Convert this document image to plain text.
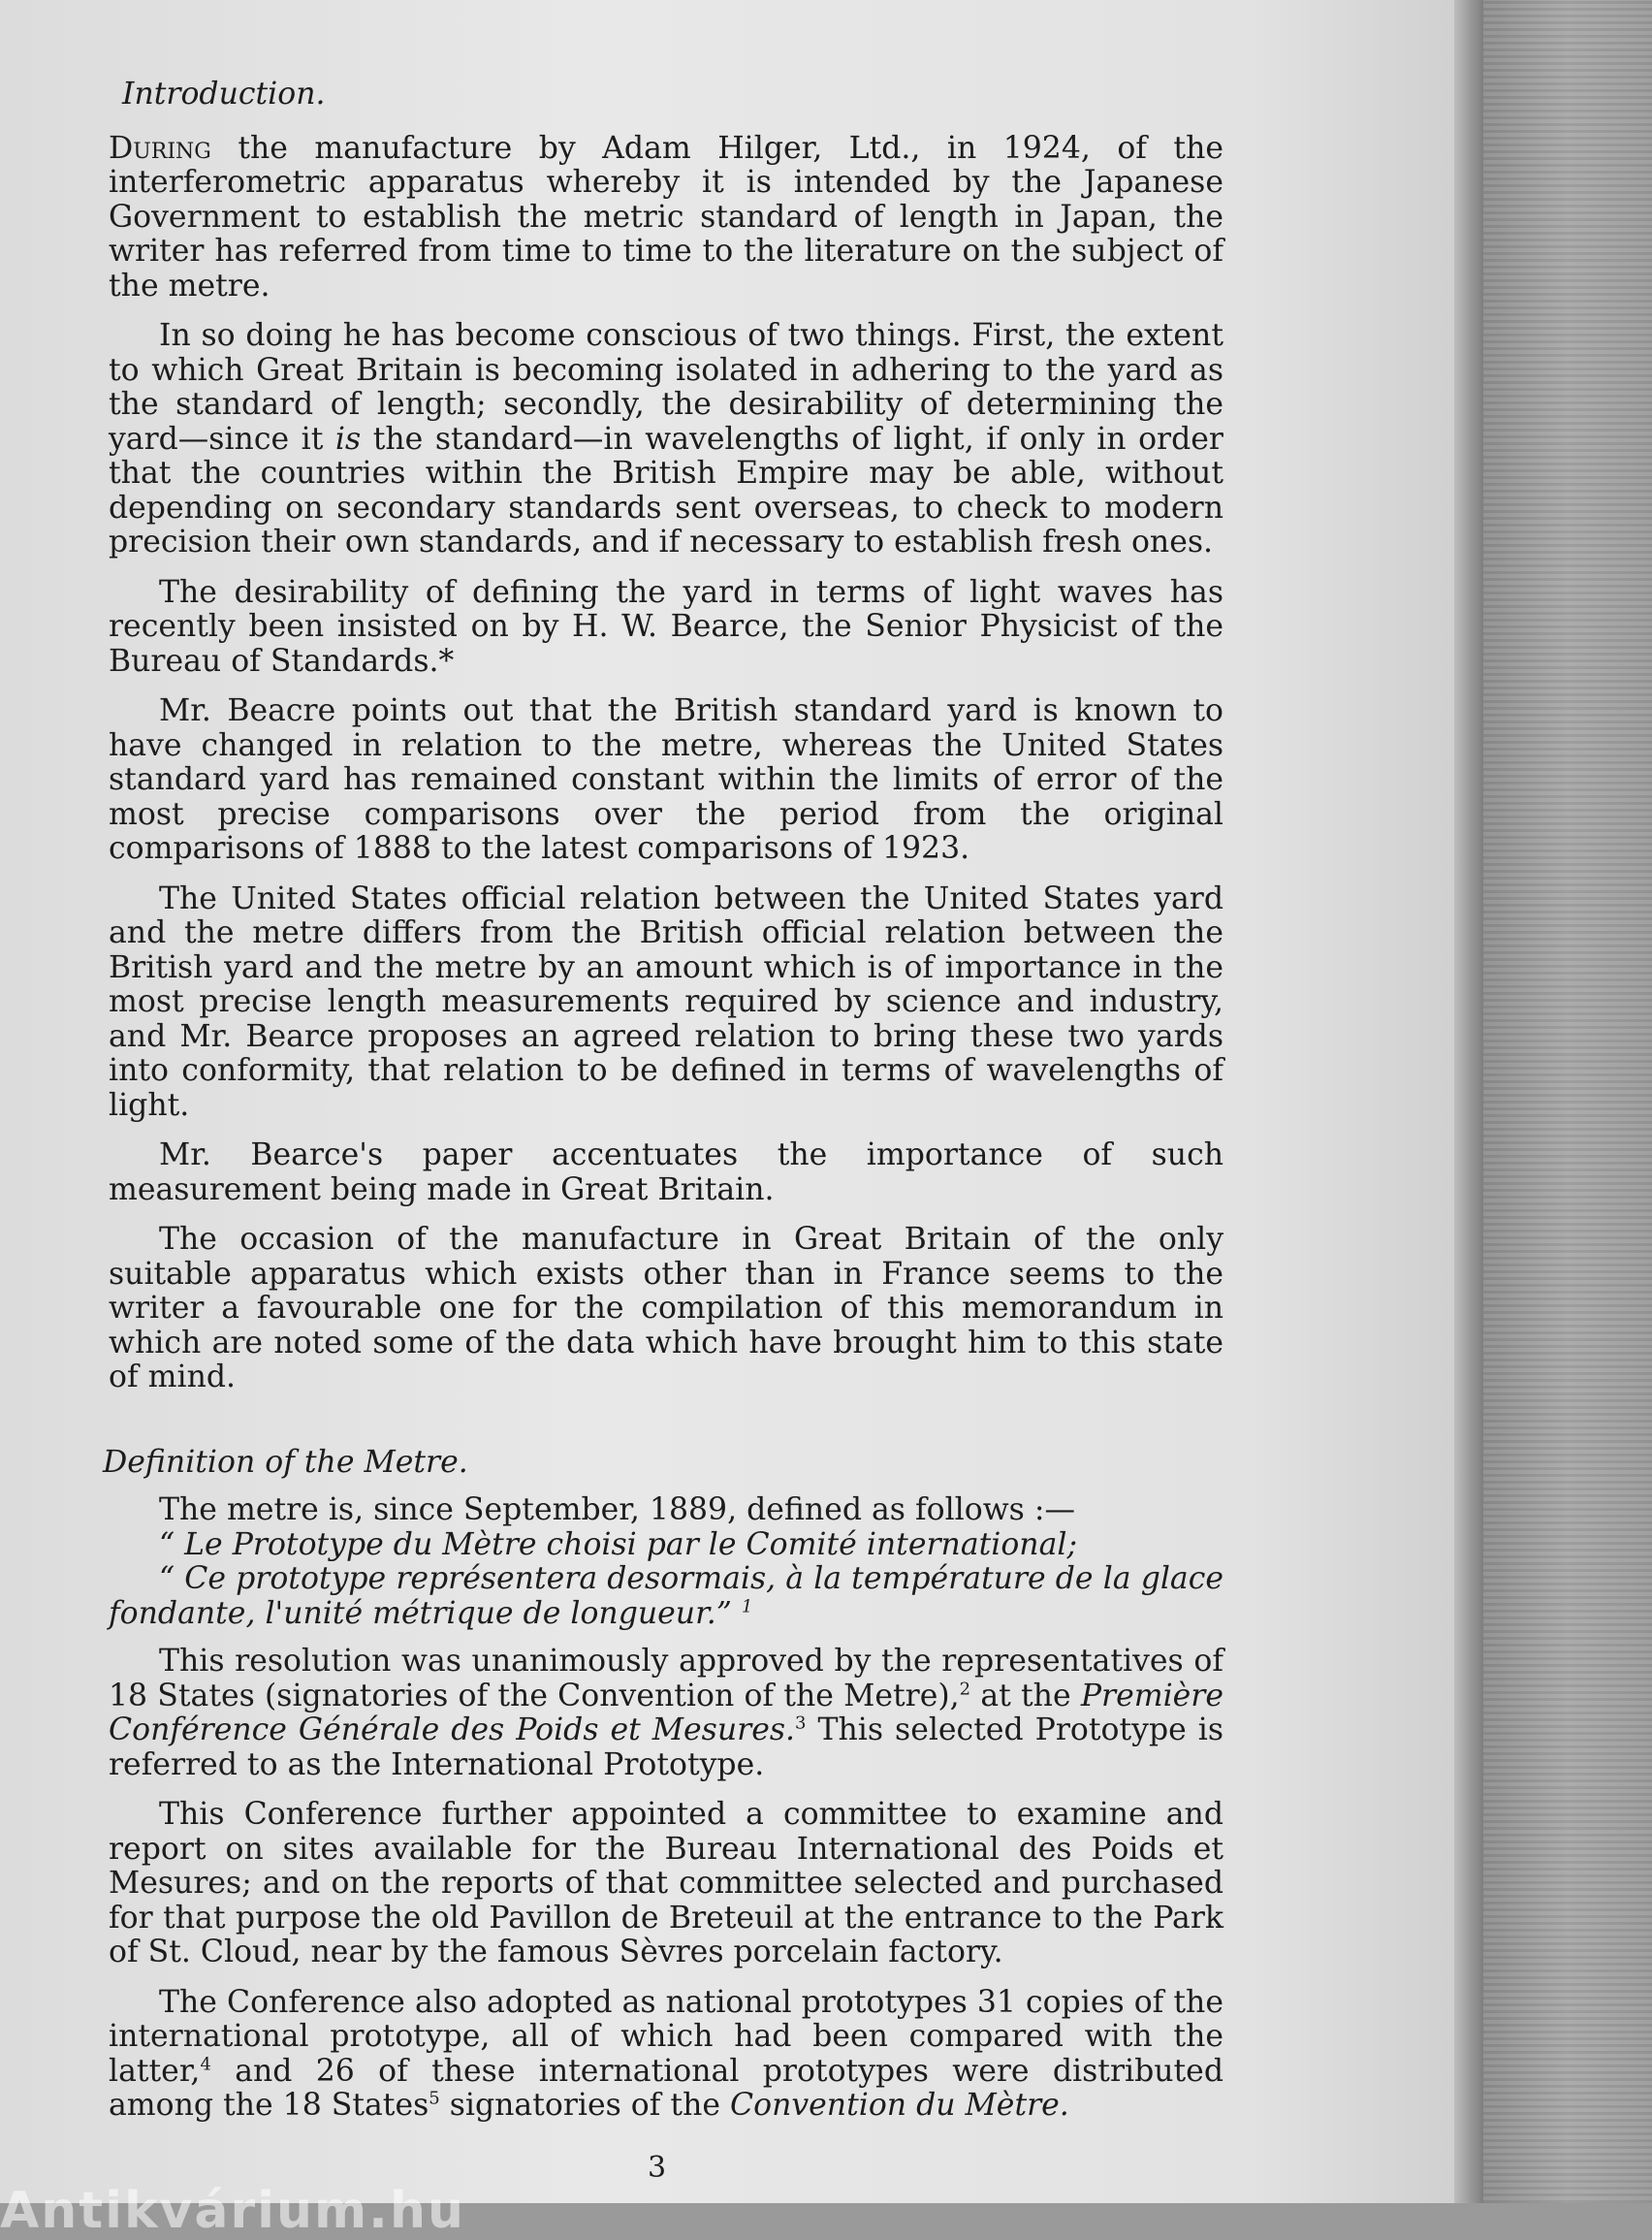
Introduction.

During the manufacture by Adam Hilger, Ltd., in 1924, of the interferometric apparatus whereby it is intended by the Japanese Government to establish the metric standard of length in Japan, the writer has referred from time to time to the literature on the subject of the metre.

In so doing he has become conscious of two things. First, the extent to which Great Britain is becoming isolated in adhering to the yard as the standard of length; secondly, the desirability of determining the yard—since it is the standard—in wavelengths of light, if only in order that the countries within the British Empire may be able, without depending on secondary standards sent overseas, to check to modern precision their own standards, and if necessary to establish fresh ones.

The desirability of defining the yard in terms of light waves has recently been insisted on by H. W. Bearce, the Senior Physicist of the Bureau of Standards.*

Mr. Beacre points out that the British standard yard is known to have changed in relation to the metre, whereas the United States standard yard has remained constant within the limits of error of the most precise comparisons over the period from the original comparisons of 1888 to the latest comparisons of 1923.

The United States official relation between the United States yard and the metre differs from the British official relation between the British yard and the metre by an amount which is of importance in the most precise length measurements required by science and industry, and Mr. Bearce proposes an agreed relation to bring these two yards into conformity, that relation to be defined in terms of wavelengths of light.

Mr. Bearce's paper accentuates the importance of such measurement being made in Great Britain.

The occasion of the manufacture in Great Britain of the only suitable apparatus which exists other than in France seems to the writer a favourable one for the compilation of this memorandum in which are noted some of the data which have brought him to this state of mind.

Definition of the Metre.

The metre is, since September, 1889, defined as follows :—

“ Le Prototype du Mètre choisi par le Comité international;
“ Ce prototype représentera desormais, à la température de la glace fondante, l'unité métrique de longueur.” $^1$

This resolution was unanimously approved by the representatives of 18 States (signatories of the Convention of the Metre),$^2$ at the Première Conférence Générale des Poids et Mesures.$^3$ This selected Prototype is referred to as the International Prototype.

This Conference further appointed a committee to examine and report on sites available for the Bureau International des Poids et Mesures; and on the reports of that committee selected and purchased for that purpose the old Pavillon de Breteuil at the entrance to the Park of St. Cloud, near by the famous Sèvres porcelain factory.

The Conference also adopted as national prototypes 31 copies of the international prototype, all of which had been compared with the latter,$^4$ and 26 of these international prototypes were distributed among the 18 States$^5$ signatories of the Convention du Mètre.

3
Antikvárium.hu
